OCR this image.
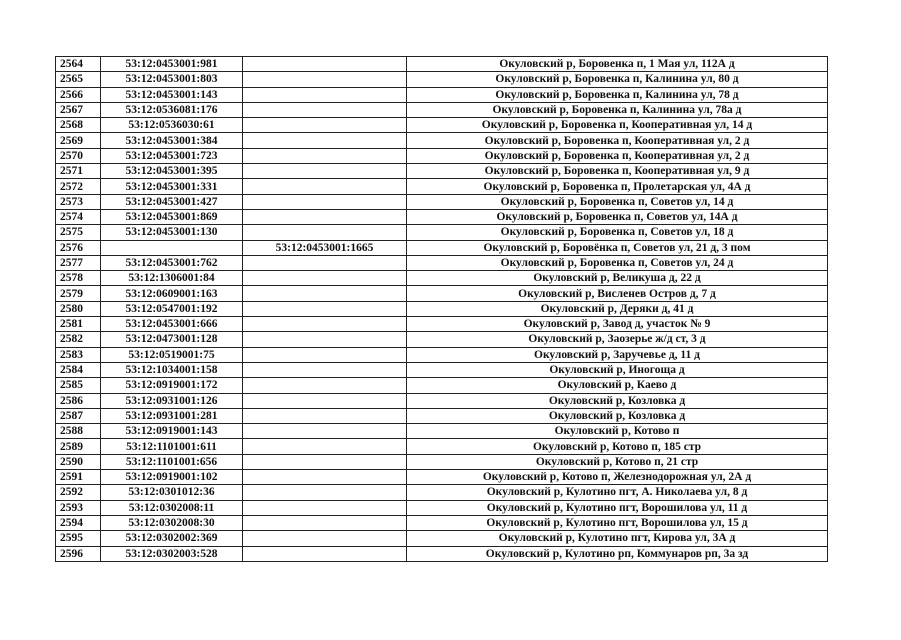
2564	53:12:0453001:981		Окуловский р, Боровенка п, 1 Мая ул, 112А д
2565	53:12:0453001:803		Окуловский р, Боровенка п, Калинина ул, 80 д
2566	53:12:0453001:143		Окуловский р, Боровенка п, Калинина ул, 78 д
2567	53:12:0536081:176		Окуловский р, Боровенка п, Калинина ул, 78а д
2568	53:12:0536030:61		Окуловский р, Боровенка п, Кооперативная ул, 14 д
2569	53:12:0453001:384		Окуловский р, Боровенка п, Кооперативная ул, 2 д
2570	53:12:0453001:723		Окуловский р, Боровенка п, Кооперативная ул, 2 д
2571	53:12:0453001:395		Окуловский р, Боровенка п, Кооперативная ул, 9 д
2572	53:12:0453001:331		Окуловский р, Боровенка п, Пролетарская ул, 4А д
2573	53:12:0453001:427		Окуловский р, Боровенка п, Советов ул, 14 д
2574	53:12:0453001:869		Окуловский р, Боровенка п, Советов ул, 14А д
2575	53:12:0453001:130		Окуловский р, Боровенка п, Советов ул, 18 д
2576		53:12:0453001:1665	Окуловский р, Боровёнка п, Советов ул, 21 д, 3 пом
2577	53:12:0453001:762		Окуловский р, Боровенка п, Советов ул, 24 д
2578	53:12:1306001:84		Окуловский р, Великуша д, 22 д
2579	53:12:0609001:163		Окуловский р, Висленев Остров д, 7 д
2580	53:12:0547001:192		Окуловский р, Деряки д, 41 д
2581	53:12:0453001:666		Окуловский р, Завод д, участок № 9
2582	53:12:0473001:128		Окуловский р, Заозерье ж/д ст, 3 д
2583	53:12:0519001:75		Окуловский р, Заручевье д, 11 д
2584	53:12:1034001:158		Окуловский р, Иногоща д
2585	53:12:0919001:172		Окуловский р, Каево д
2586	53:12:0931001:126		Окуловский р, Козловка д
2587	53:12:0931001:281		Окуловский р, Козловка д
2588	53:12:0919001:143		Окуловский р, Котово п
2589	53:12:1101001:611		Окуловский р, Котово п, 185 стр
2590	53:12:1101001:656		Окуловский р, Котово п, 21 стр
2591	53:12:0919001:102		Окуловский р, Котово п, Железнодорожная ул, 2А д
2592	53:12:0301012:36		Окуловский р, Кулотино пгт, А. Николаева ул, 8 д
2593	53:12:0302008:11		Окуловский р, Кулотино пгт, Ворошилова ул, 11 д
2594	53:12:0302008:30		Окуловский р, Кулотино пгт, Ворошилова ул, 15 д
2595	53:12:0302002:369		Окуловский р, Кулотино пгт, Кирова ул, 3А д
2596	53:12:0302003:528		Окуловский р, Кулотино рп, Коммунаров рп, 3а зд
